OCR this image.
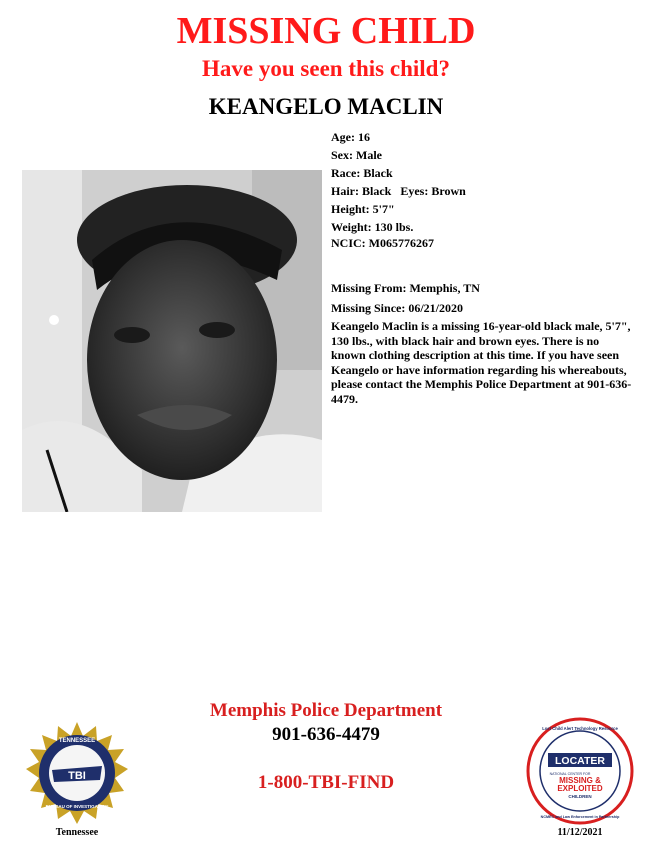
MISSING CHILD
Have you seen this child?
KEANGELO MACLIN
Age: 16
Sex: Male
Race: Black
Hair: Black   Eyes: Brown
Height: 5'7"
Weight: 130 lbs.
NCIC: M065776267
Missing From: Memphis, TN
Missing Since: 06/21/2020
Keangelo Maclin is a missing 16-year-old black male, 5'7", 130 lbs., with black hair and brown eyes. There is no known clothing description at this time. If you have seen Keangelo or have information regarding his whereabouts, please contact the Memphis Police Department at 901-636-4479.
Memphis Police Department
901-636-4479
1-800-TBI-FIND
TBI
TENNESSEE
BUREAU OF INVESTIGATION
Tennessee
Lost Child Alert Technology Resource
NCMEC and Law Enforcement in Partnership
LOCATER
NATIONAL CENTER FOR
MISSING &
EXPLOITED
CHILDREN
11/12/2021
